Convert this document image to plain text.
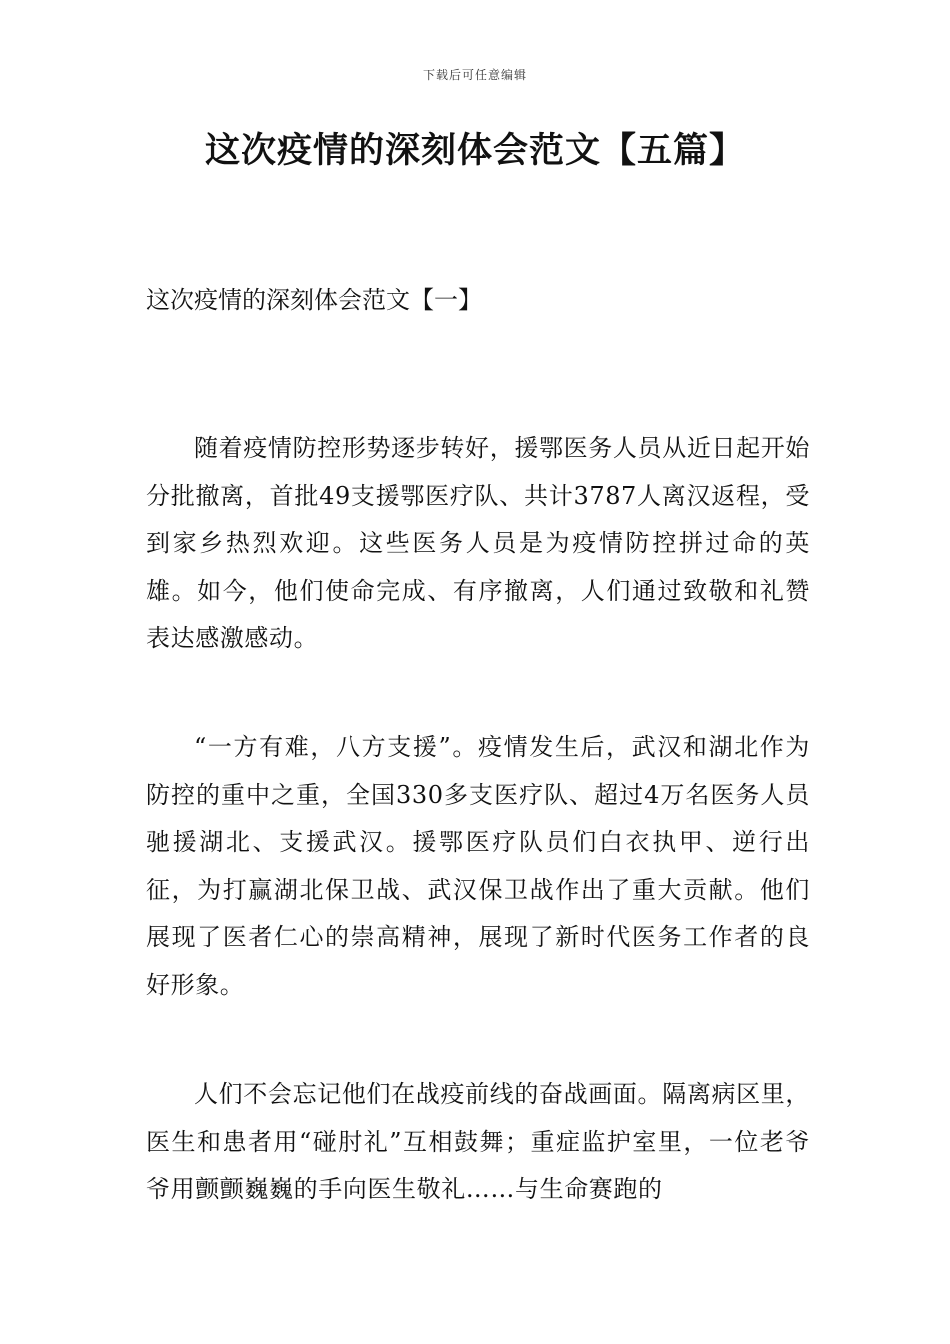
下载后可任意编辑
这次疫情的深刻体会范文【五篇】
这次疫情的深刻体会范文【一】

随着疫情防控形势逐步转好，援鄂医务人员从近日起开始分批撤离，首批49支援鄂医疗队、共计3787人离汉返程，受到家乡热烈欢迎。这些医务人员是为疫情防控拼过命的英雄。如今，他们使命完成、有序撤离，人们通过致敬和礼赞表达感激感动。

“一方有难，八方支援”。疫情发生后，武汉和湖北作为防控的重中之重，全国330多支医疗队、超过4万名医务人员驰援湖北、支援武汉。援鄂医疗队员们白衣执甲、逆行出征，为打赢湖北保卫战、武汉保卫战作出了重大贡献。他们展现了医者仁心的崇高精神，展现了新时代医务工作者的良好形象。

人们不会忘记他们在战疫前线的奋战画面。隔离病区里，医生和患者用“碰肘礼”互相鼓舞；重症监护室里，一位老爷爷用颤颤巍巍的手向医生敬礼……与生命赛跑的
